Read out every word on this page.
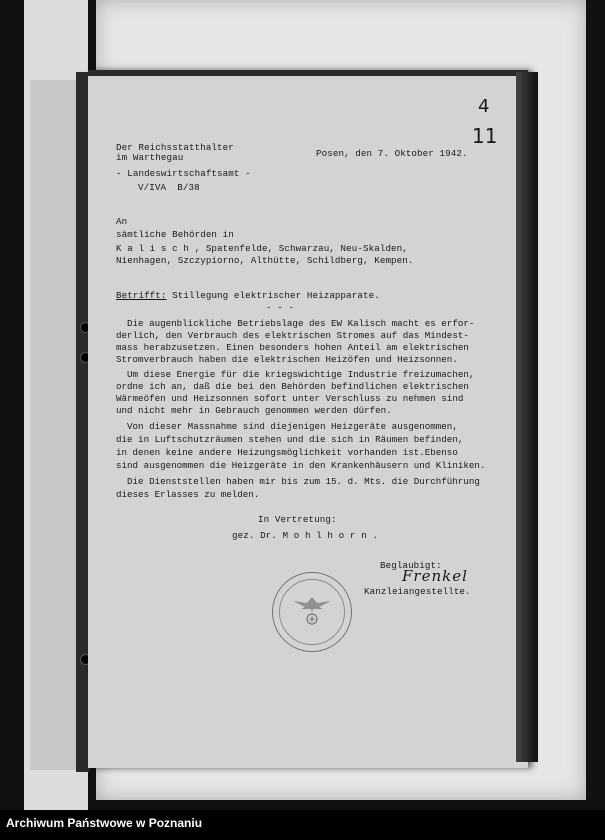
4
11
Der Reichsstatthalter
im Warthegau	Posen, den 7. Oktober 1942.
- Landeswirtschaftsamt -
V/IVA  B/38
An
sämtliche Behörden in
K a l i s c h , Spatenfelde, Schwarzau, Neu-Skalden,
Nienhagen, Szczypiorno, Althütte, Schildberg, Kempen.
Betrifft: Stillegung elektrischer Heizapparate.
- - -
Die augenblickliche Betriebslage des EW Kalisch macht es erfor-
derlich, den Verbrauch des elektrischen Stromes auf das Mindest-
mass herabzusetzen. Einen besonders hohen Anteil am elektrischen
Stromverbrauch haben die elektrischen Heizöfen und Heizsonnen.
Um diese Energie für die kriegswichtige Industrie freizumachen,
ordne ich an, daß die bei den Behörden befindlichen elektrischen
Wärmeöfen und Heizsonnen sofort unter Verschluss zu nehmen sind
und nicht mehr in Gebrauch genommen werden dürfen.
Von dieser Massnahme sind diejenigen Heizgeräte ausgenommen,
die in Luftschutzräumen stehen und die sich in Räumen befinden,
in denen keine andere Heizungsmöglichkeit vorhanden ist.Ebenso
sind ausgenommen die Heizgeräte in den Krankenhäusern und Kliniken.
Die Dienststellen haben mir bis zum 15. d. Mts. die Durchführung
dieses Erlasses zu melden.
In Vertretung:
gez. Dr. M o h l h o r n .
Beglaubigt:
Frenkel
Kanzleiangestellte.
Archiwum Państwowe w Poznaniu
